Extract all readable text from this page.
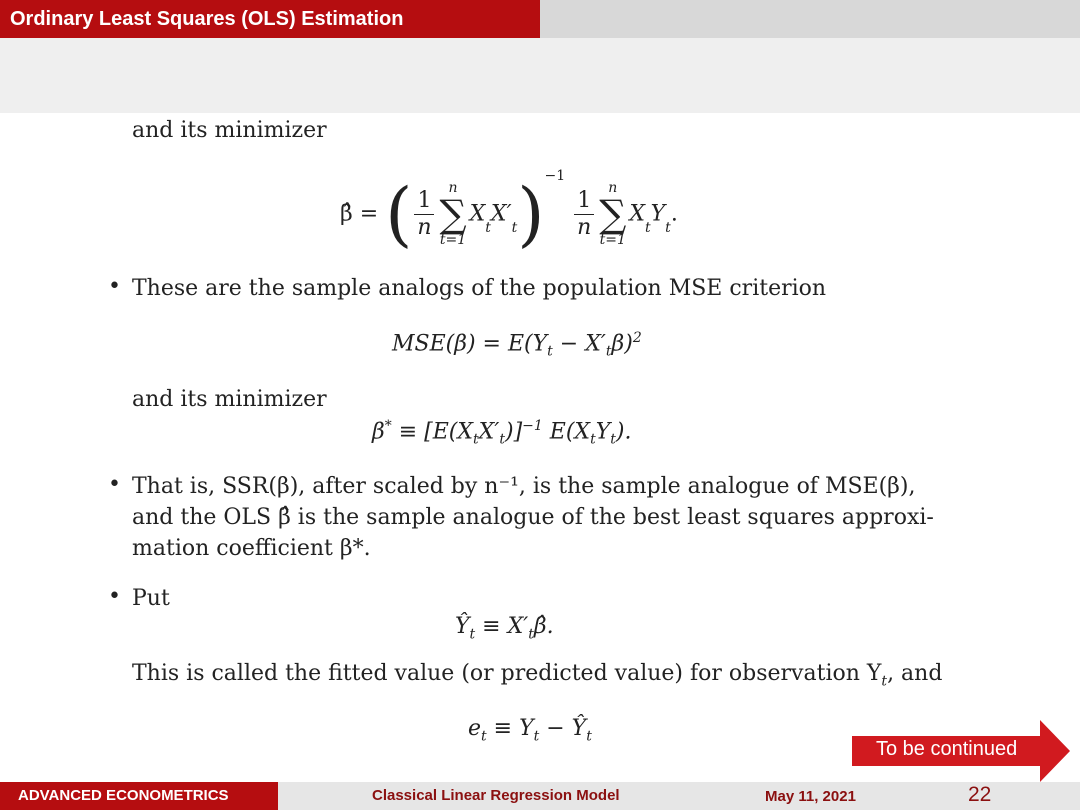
Ordinary Least Squares (OLS) Estimation
and its minimizer
β̂ = ( $\frac{1}{n}$	n
∑
t=1
$X_tX'_t)^{-1}$
$\frac{1}{n}$	n
∑
t=1
$X_tY_t$.
• These are the sample analogs of the population MSE criterion
$MSE(\beta) = E(Y_t - X'_t\beta)^2$
and its minimizer
$\beta^* \equiv [E(X_tX'_t)]^{-1}$ $E(X_tY_t)$.
• That is, SSR(β), after scaled by n⁻¹, is the sample analogue of MSE(β),
and the OLS β̂ is the sample analogue of the best least squares approxi-
mation coefficient β*.
• Put
$Ŷ_t$ ≡ $X'_t\betâ$.
This is called the fitted value (or predicted value) for observation $Y_t$, and
$e_t \equiv Y_t$ − $Ŷ_t$
To be continued
ADVANCED ECONOMETRICS	Classical Linear Regression Model	May 11, 2021	22
